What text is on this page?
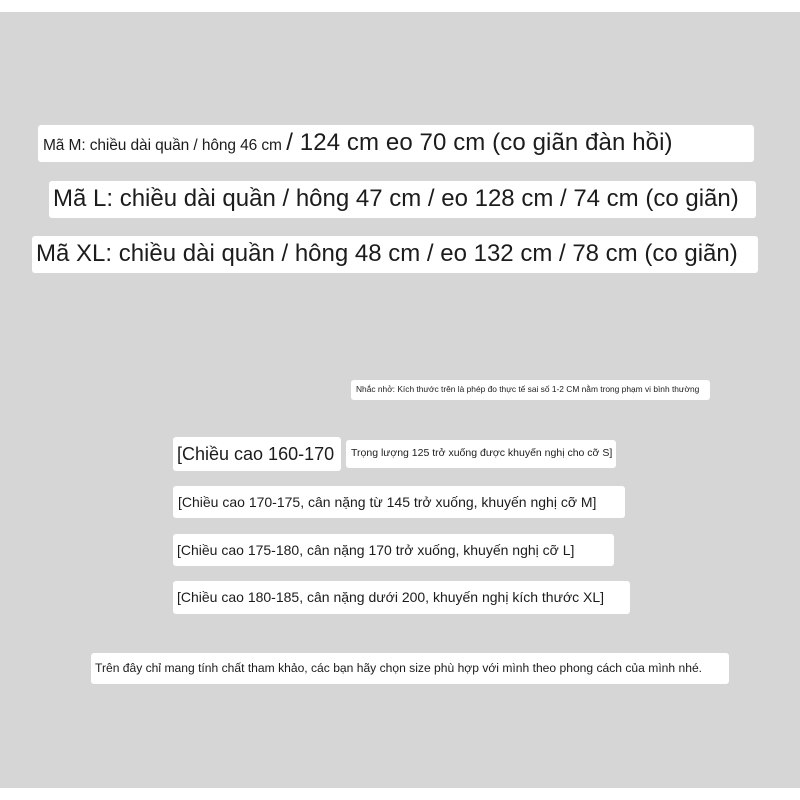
Mã M: chiều dài quần / hông 46 cm / 124 cm eo 70 cm (co giãn đàn hồi)
Mã L: chiều dài quần / hông 47 cm / eo 128 cm / 74 cm (co giãn)
Mã XL: chiều dài quần / hông 48 cm / eo 132 cm / 78 cm (co giãn)
Nhắc nhở: Kích thước trên là phép đo thực tế sai số 1-2 CM nằm trong phạm vi bình thường
[Chiều cao 160-170	Trọng lượng 125 trở xuống được khuyến nghị cho cỡ S]
[Chiều cao 170-175, cân nặng từ 145 trở xuống, khuyến nghị cỡ M]
[Chiều cao 175-180, cân nặng 170 trở xuống, khuyến nghị cỡ L]
[Chiều cao 180-185, cân nặng dưới 200, khuyến nghị kích thước XL]
Trên đây chỉ mang tính chất tham khảo, các bạn hãy chọn size phù hợp với mình theo phong cách của mình nhé.
